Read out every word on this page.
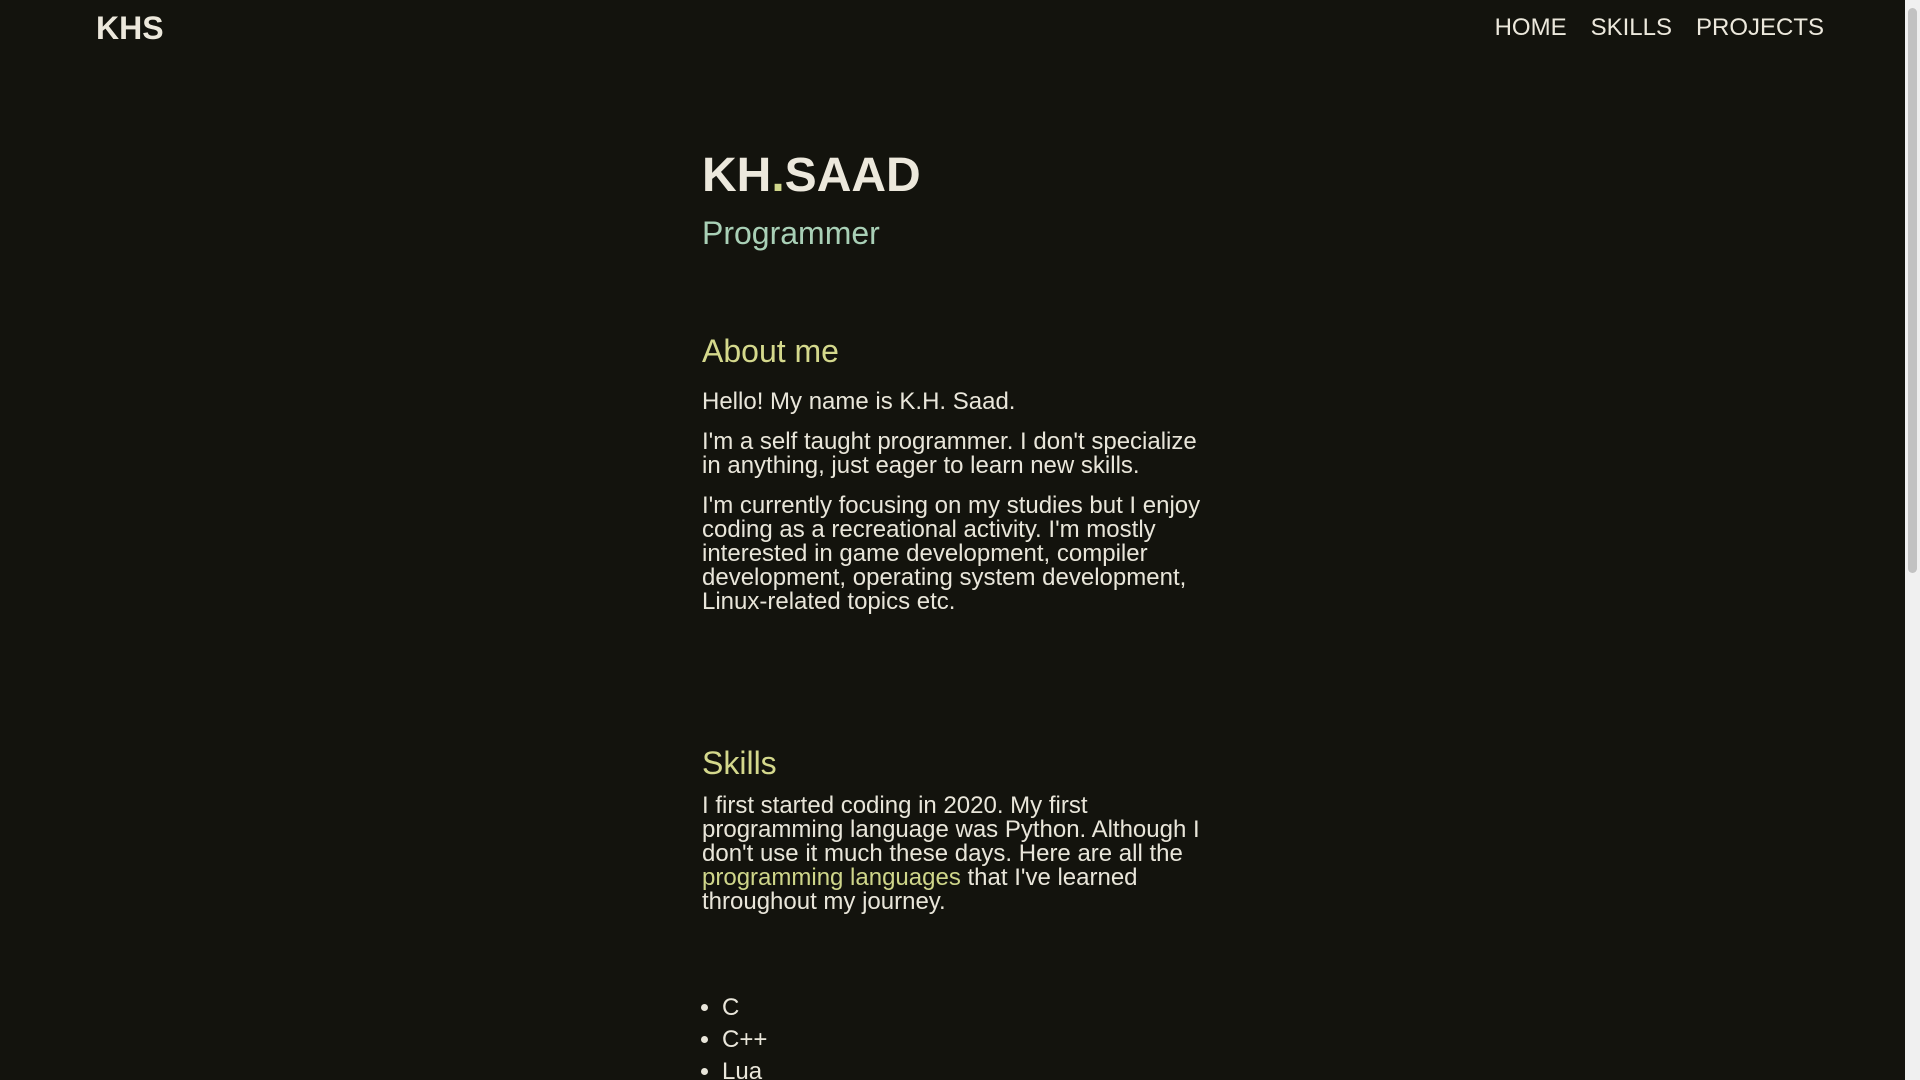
KHS	HOME SKILLS PROJECTS
KH.SAAD
Programmer
About me

Hello! My name is K.H. Saad.

I'm a self taught programmer. I don't specialize in anything, just eager to learn new skills.

I'm currently focusing on my studies but I enjoy coding as a recreational activity. I'm mostly interested in game development, compiler development, operating system development, Linux-related topics etc.

Skills

I first started coding in 2020. My first programming language was Python. Although I don't use it much these days. Here are all the programming languages that I've learned throughout my journey.

• C
• C++
• Lua
